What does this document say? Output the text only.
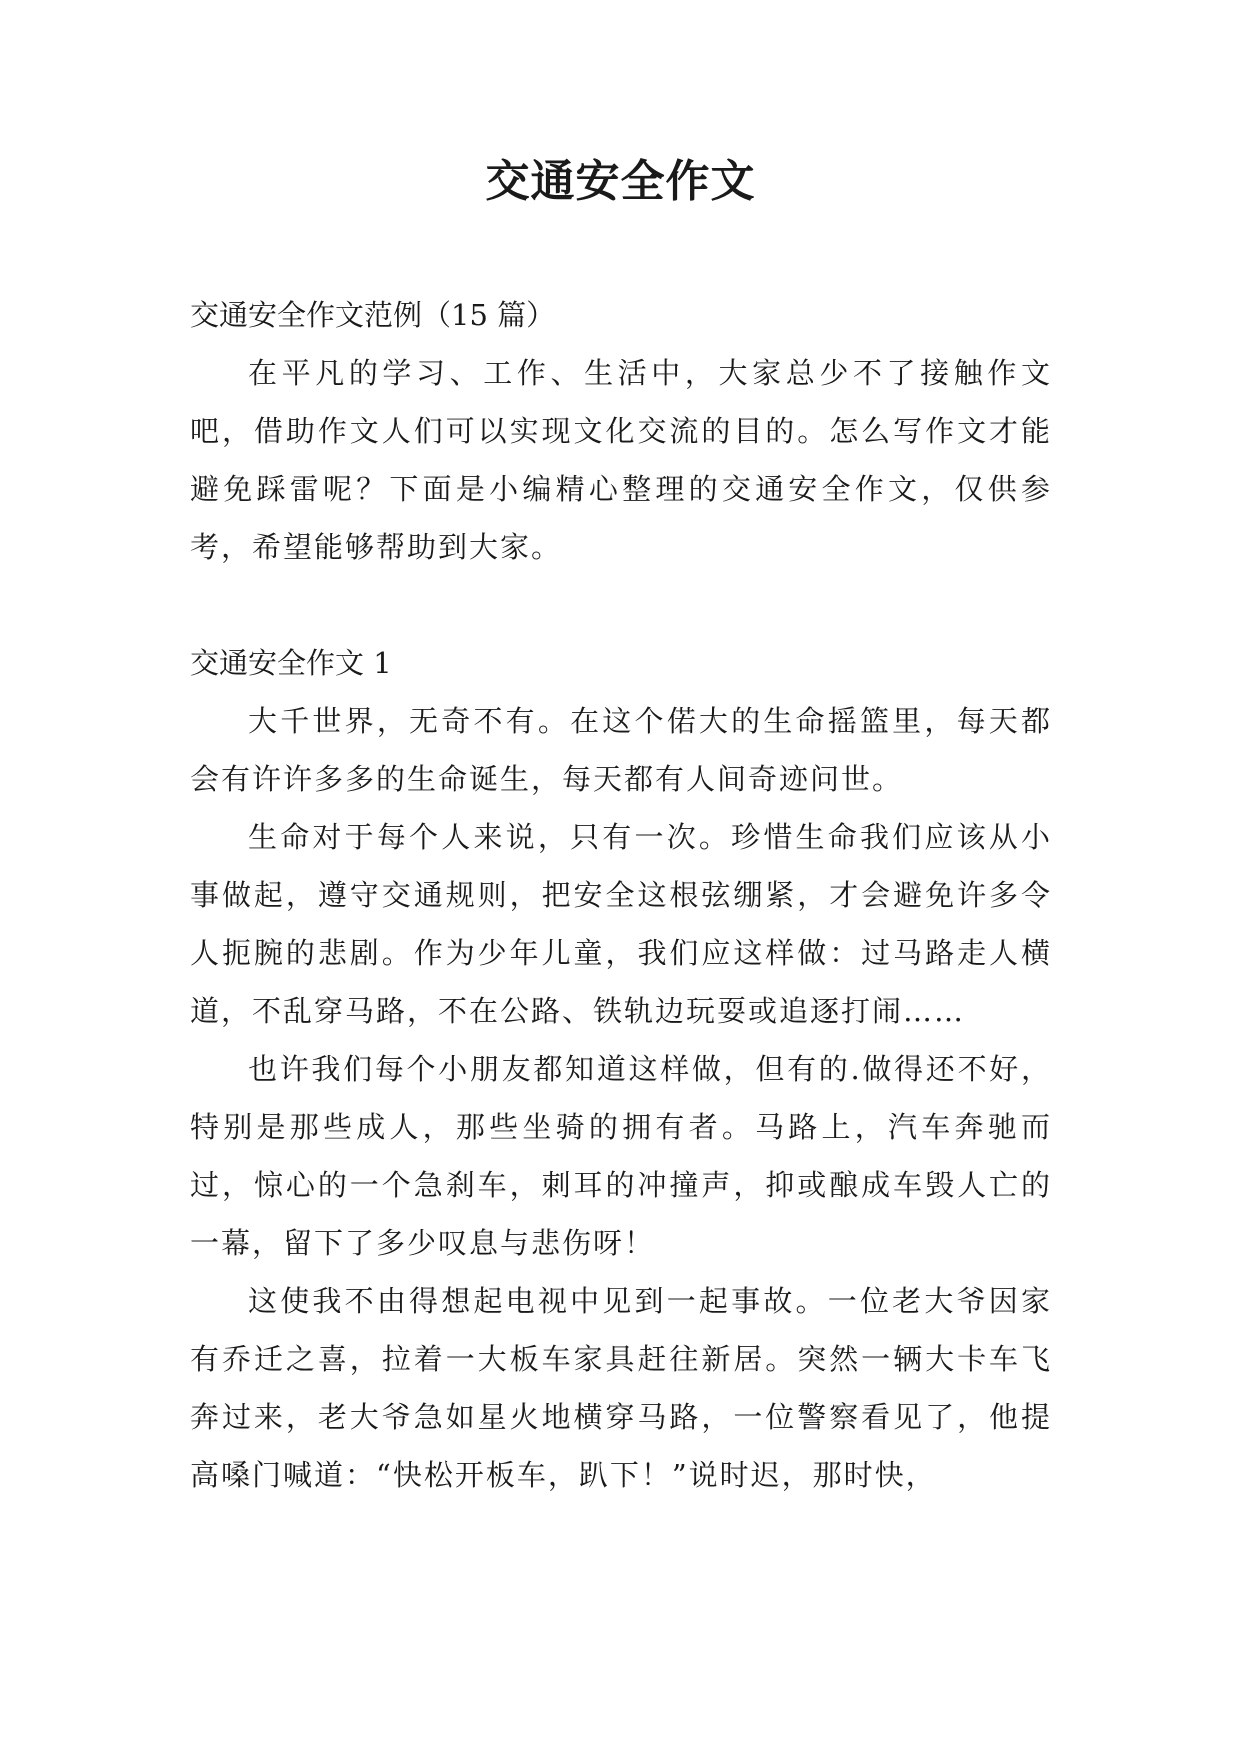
交通安全作文

交通安全作文范例（15 篇）

在平凡的学习、工作、生活中，大家总少不了接触作文吧，借助作文人们可以实现文化交流的目的。怎么写作文才能避免踩雷呢？下面是小编精心整理的交通安全作文，仅供参考，希望能够帮助到大家。

交通安全作文 1

大千世界，无奇不有。在这个偌大的生命摇篮里，每天都会有许许多多的生命诞生，每天都有人间奇迹问世。

生命对于每个人来说，只有一次。珍惜生命我们应该从小事做起，遵守交通规则，把安全这根弦绷紧，才会避免许多令人扼腕的悲剧。作为少年儿童，我们应这样做：过马路走人横道，不乱穿马路，不在公路、铁轨边玩耍或追逐打闹……

也许我们每个小朋友都知道这样做，但有的.做得还不好，特别是那些成人，那些坐骑的拥有者。马路上，汽车奔驰而过，惊心的一个急刹车，刺耳的冲撞声，抑或酿成车毁人亡的一幕，留下了多少叹息与悲伤呀！

这使我不由得想起电视中见到一起事故。一位老大爷因家有乔迁之喜，拉着一大板车家具赶往新居。突然一辆大卡车飞奔过来，老大爷急如星火地横穿马路，一位警察看见了，他提高嗓门喊道：“快松开板车，趴下！”说时迟，那时快，
